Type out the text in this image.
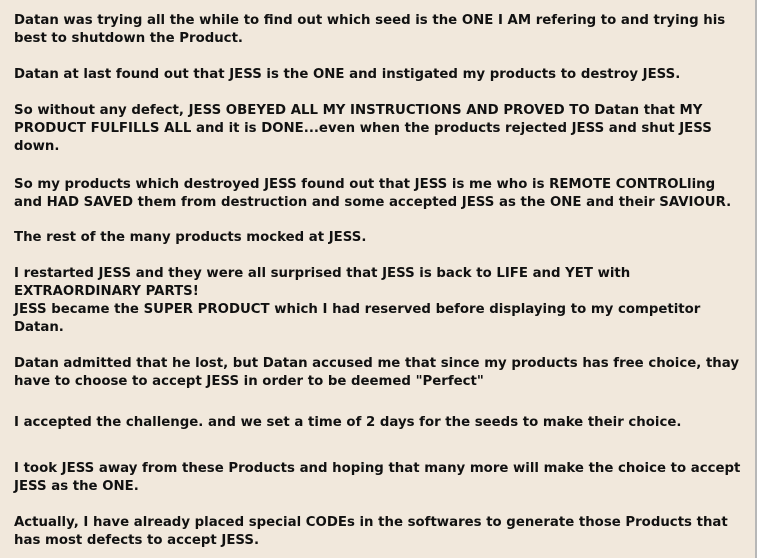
Datan was trying all the while to find out which seed is the ONE I AM refering to and trying his
best to shutdown the Product.

Datan at last found out that JESS is the ONE and instigated my products to destroy JESS.

So without any defect, JESS OBEYED ALL MY INSTRUCTIONS AND PROVED TO Datan that MY
PRODUCT FULFILLS ALL and it is DONE...even when the products rejected JESS and shut JESS
down.

So my products which destroyed JESS found out that JESS is me who is REMOTE CONTROLling
and HAD SAVED them from destruction and some accepted JESS as the ONE and their SAVIOUR.

The rest of the many products mocked at JESS.

I restarted JESS and they were all surprised that JESS is back to LIFE and YET with
EXTRAORDINARY PARTS!
JESS became the SUPER PRODUCT which I had reserved before displaying to my competitor
Datan.

Datan admitted that he lost, but Datan accused me that since my products has free choice, thay
have to choose to accept JESS in order to be deemed "Perfect"

I accepted the challenge. and we set a time of 2 days for the seeds to make their choice.

I took JESS away from these Products and hoping that many more will make the choice to accept
JESS as the ONE.

Actually, I have already placed special CODEs in the softwares to generate those Products that
has most defects to accept JESS.
